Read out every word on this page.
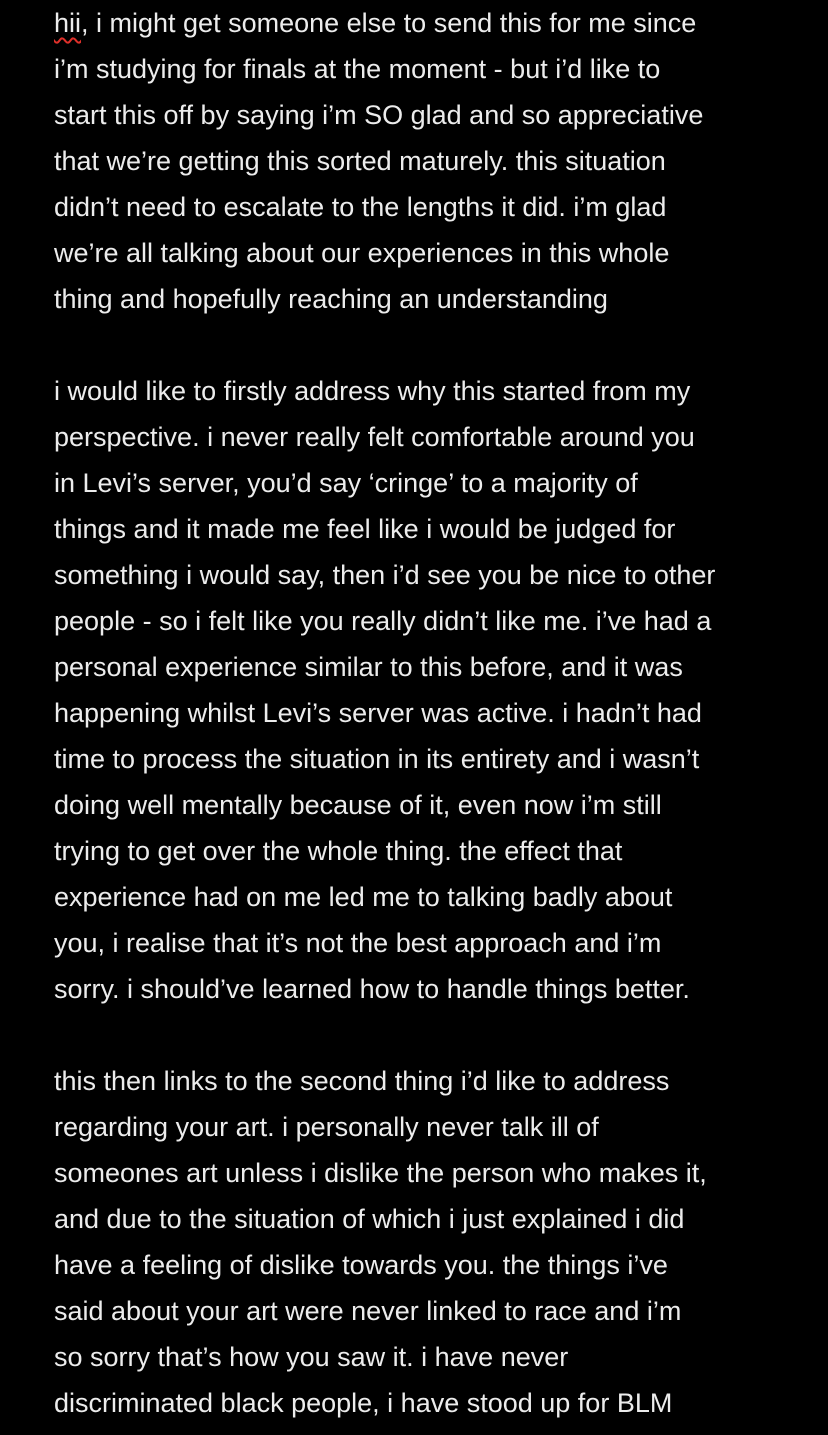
hii, i might get someone else to send this for me since
i’m studying for finals at the moment - but i’d like to
start this off by saying i’m SO glad and so appreciative
that we’re getting this sorted maturely. this situation
didn’t need to escalate to the lengths it did. i’m glad
we’re all talking about our experiences in this whole
thing and hopefully reaching an understanding
i would like to firstly address why this started from my
perspective. i never really felt comfortable around you
in Levi’s server, you’d say ‘cringe’ to a majority of
things and it made me feel like i would be judged for
something i would say, then i’d see you be nice to other
people - so i felt like you really didn’t like me. i’ve had a
personal experience similar to this before, and it was
happening whilst Levi’s server was active. i hadn’t had
time to process the situation in its entirety and i wasn’t
doing well mentally because of it, even now i’m still
trying to get over the whole thing. the effect that
experience had on me led me to talking badly about
you, i realise that it’s not the best approach and i’m
sorry. i should’ve learned how to handle things better.
this then links to the second thing i’d like to address
regarding your art. i personally never talk ill of
someones art unless i dislike the person who makes it,
and due to the situation of which i just explained i did
have a feeling of dislike towards you. the things i’ve
said about your art were never linked to race and i’m
so sorry that’s how you saw it. i have never
discriminated black people, i have stood up for BLM
